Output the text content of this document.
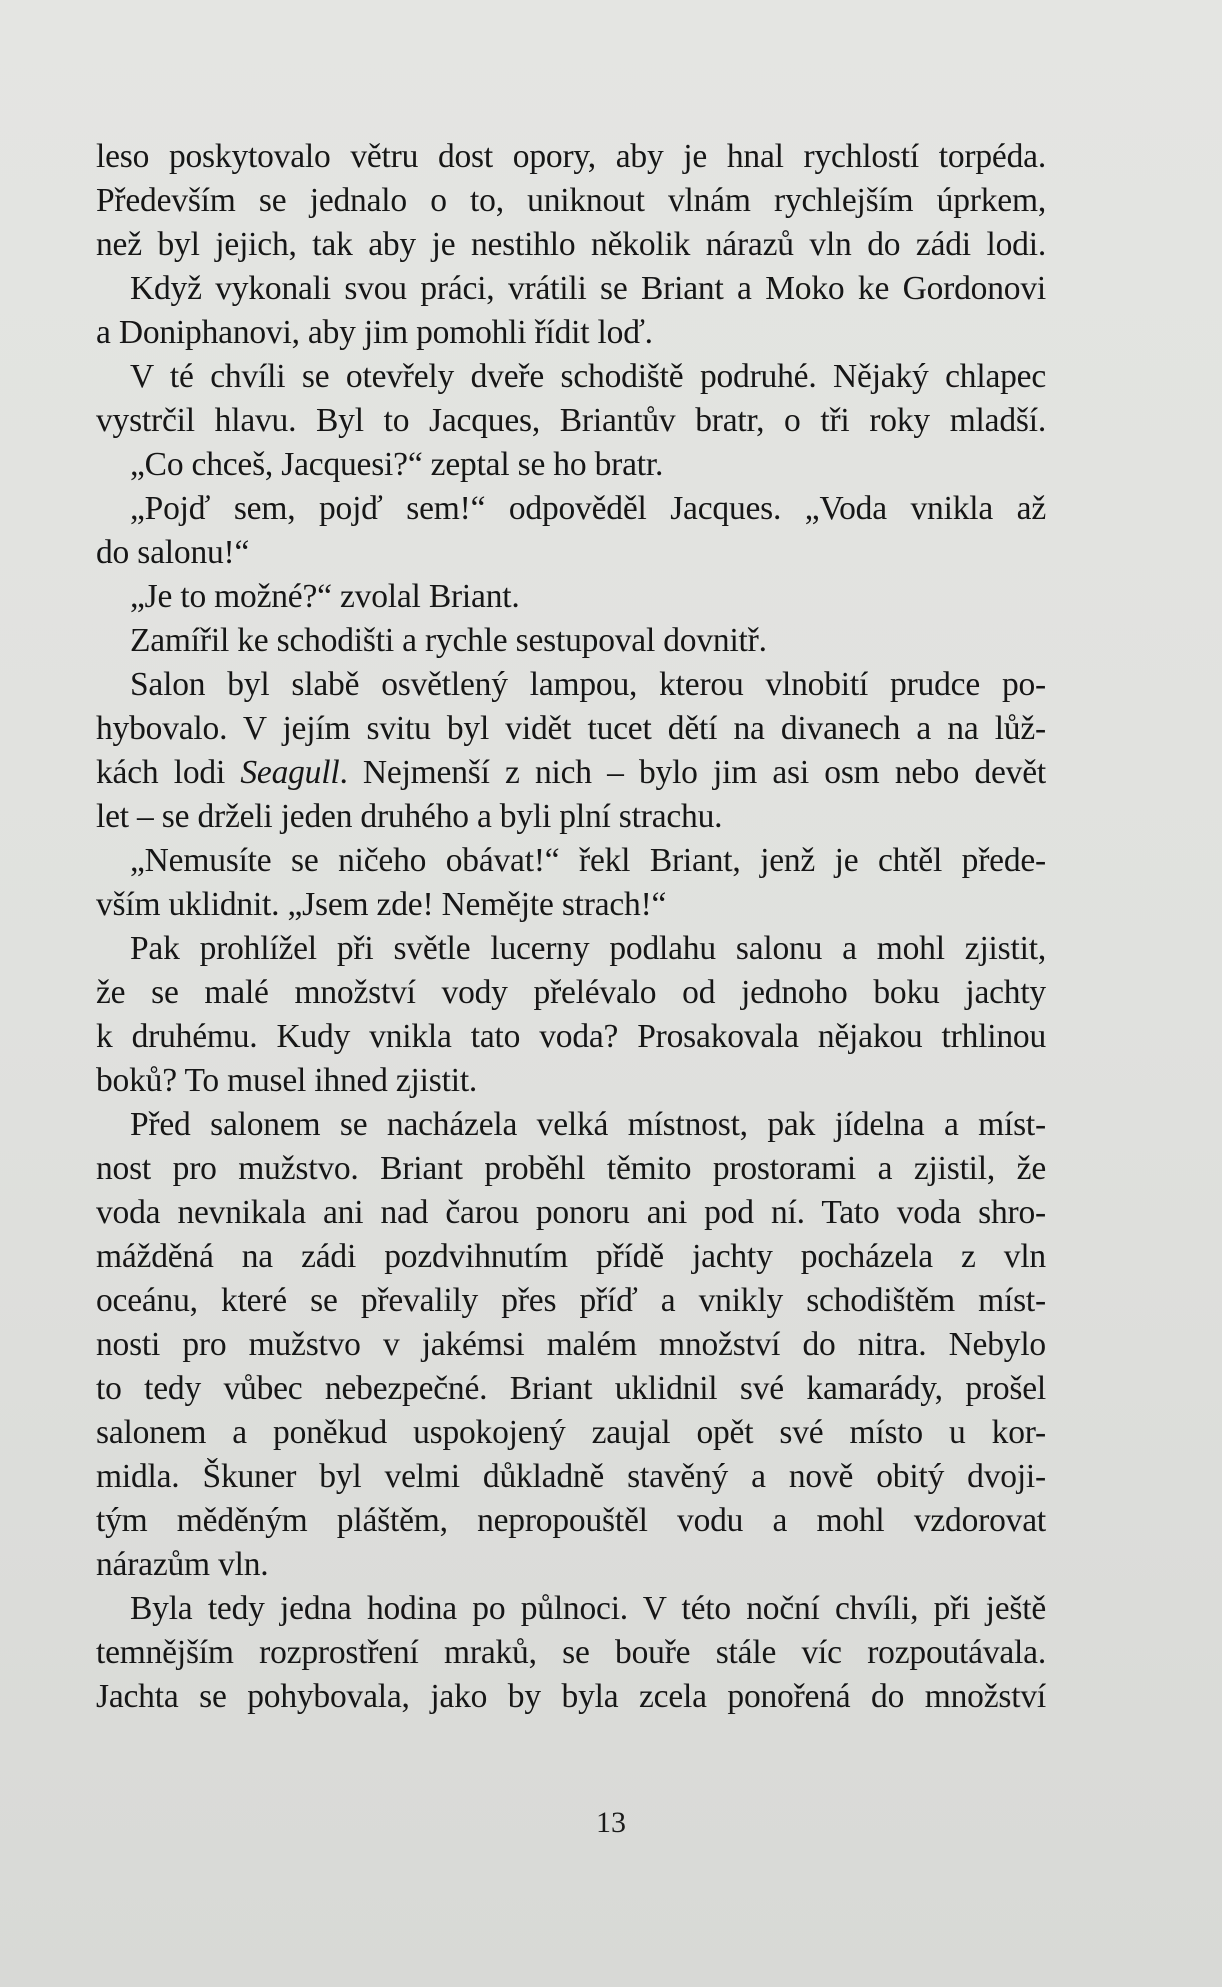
leso poskytovalo větru dost opory, aby je hnal rychlostí torpéda.
Především se jednalo o to, uniknout vlnám rychlejším úprkem,
než byl jejich, tak aby je nestihlo několik nárazů vln do zádi lodi.
Když vykonali svou práci, vrátili se Briant a Moko ke Gordonovi
a Doniphanovi, aby jim pomohli řídit loď.
V té chvíli se otevřely dveře schodiště podruhé. Nějaký chlapec
vystrčil hlavu. Byl to Jacques, Briantův bratr, o tři roky mladší.
„Co chceš, Jacquesi?“ zeptal se ho bratr.
„Pojď sem, pojď sem!“ odpověděl Jacques. „Voda vnikla až
do salonu!“
„Je to možné?“ zvolal Briant.
Zamířil ke schodišti a rychle sestupoval dovnitř.
Salon byl slabě osvětlený lampou, kterou vlnobití prudce po-
hybovalo. V jejím svitu byl vidět tucet dětí na divanech a na lůž-
kách lodi Seagull. Nejmenší z nich – bylo jim asi osm nebo devět
let – se drželi jeden druhého a byli plní strachu.
„Nemusíte se ničeho obávat!“ řekl Briant, jenž je chtěl přede-
vším uklidnit. „Jsem zde! Nemějte strach!“
Pak prohlížel při světle lucerny podlahu salonu a mohl zjistit,
že se malé množství vody přelévalo od jednoho boku jachty
k druhému. Kudy vnikla tato voda? Prosakovala nějakou trhlinou
boků? To musel ihned zjistit.
Před salonem se nacházela velká místnost, pak jídelna a míst-
nost pro mužstvo. Briant proběhl těmito prostorami a zjistil, že
voda nevnikala ani nad čarou ponoru ani pod ní. Tato voda shro-
mážděná na zádi pozdvihnutím přídě jachty pocházela z vln
oceánu, které se převalily přes příď a vnikly schodištěm míst-
nosti pro mužstvo v jakémsi malém množství do nitra. Nebylo
to tedy vůbec nebezpečné. Briant uklidnil své kamarády, prošel
salonem a poněkud uspokojený zaujal opět své místo u kor-
midla. Škuner byl velmi důkladně stavěný a nově obitý dvoji-
tým měděným pláštěm, nepropouštěl vodu a mohl vzdorovat
nárazům vln.
Byla tedy jedna hodina po půlnoci. V této noční chvíli, při ještě
temnějším rozprostření mraků, se bouře stále víc rozpoutávala.
Jachta se pohybovala, jako by byla zcela ponořená do množství
13
